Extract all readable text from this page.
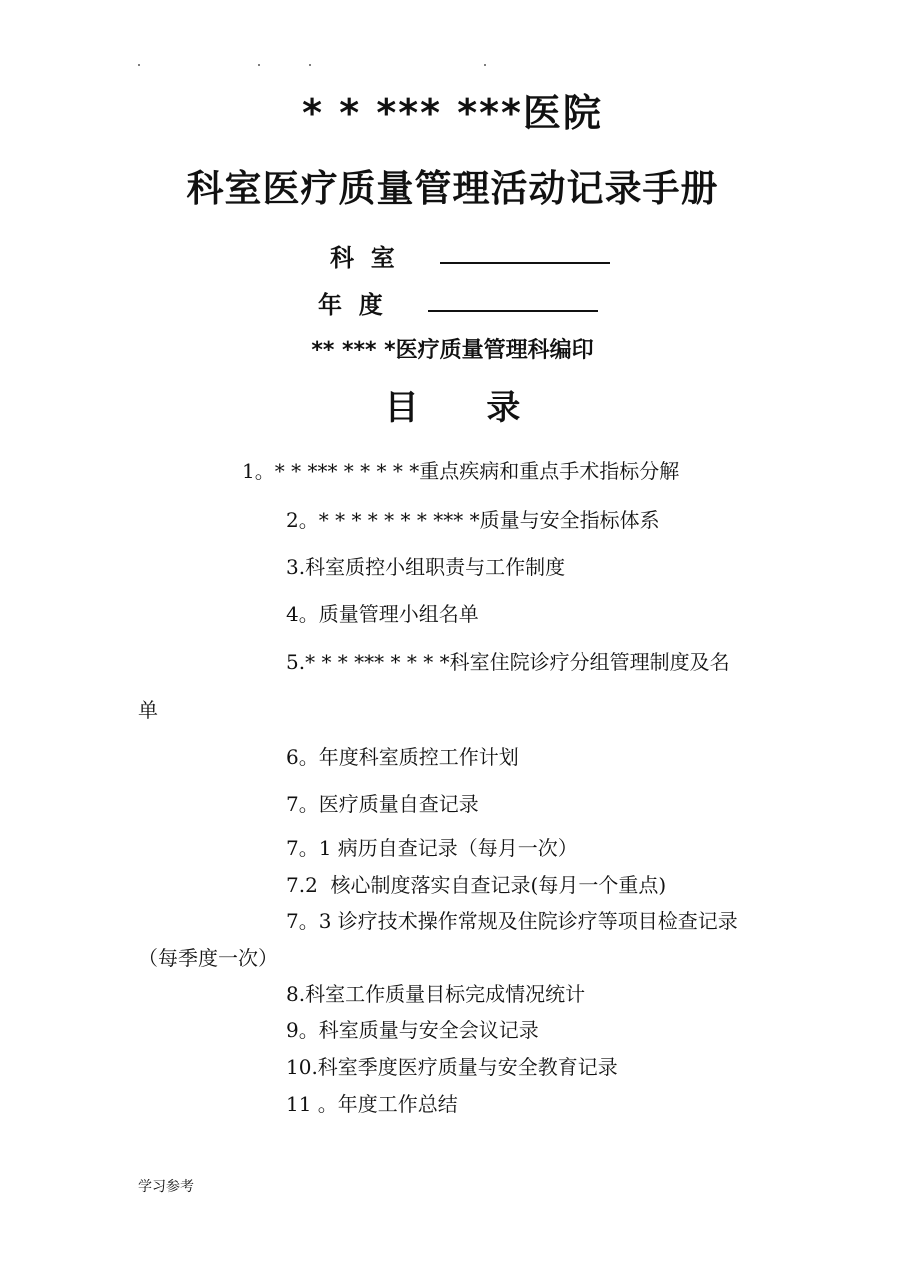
* * *** ***医院
科室医疗质量管理活动记录手册
科  室
年  度
** *** *医疗质量管理科编印
目 录
1。* * *** * * * * *重点疾病和重点手术指标分解
2。* * * * * * * *** *质量与安全指标体系
3.科室质控小组职责与工作制度
4。质量管理小组名单
5.* * * *** * * * *科室住院诊疗分组管理制度及名
单
6。年度科室质控工作计划
7。医疗质量自查记录
7。1 病历自查记录（每月一次）
7.2  核心制度落实自查记录(每月一个重点)
7。3 诊疗技术操作常规及住院诊疗等项目检查记录
（每季度一次）
8.科室工作质量目标完成情况统计
9。科室质量与安全会议记录
10.科室季度医疗质量与安全教育记录
11 。年度工作总结
学习参考
